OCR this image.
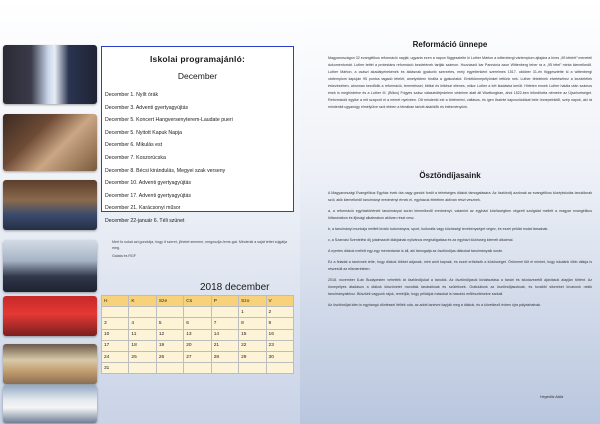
Iskolai programajánló:
December
December 1. Nyílt órák
December 3. Adventi gyertyagyújtás
December 5. Koncert Hangversenyterem-Laudate pueri
December 5. Nyitott Kapuk Napja
December 6. Mikulás est
December 7. Koszorúcska
December 8. Bécsi kirándulás, Megyei szak verseny
December 10. Adventi gyertyagyújtás
December 17. Adventi gyertyagyújtás
December 21. Karácsonyi műsor
December 22-január 6. Téli szünet
Mert fo sokat azt gondolja, hogy ő szeret, jöhetet sennem, megoszlja örme-gat. Mindenki a saját tettet sújgálja meg.
Galata és RGF
2018 december
H	K	Sze	Cs	P	Szo	V
					1	2
3	4	5	6	7	8	9
10	11	12	13	14	15	16
17	18	19	20	21	22	23
24	25	26	27	28	29	30
31						
Reformáció ünnepe
Magyarországon 32 evangélikus reformáció napját, ugyanis ezen a napon függesztette ki Luther Márton a wittenbergi vártemplom ajtajára a híres „95 tételét” meneteli dokumentumát. Luther tettét a protestáns reformáció kezdetének tartják számon. Hozzászól kar Pannónia azon Wittenberg teher ra a „95 tétel” minta kiemelkedő. Luther Márton, a császi akadályénekének és áldásnak gyakorló szerzetes, mely egyetlenként szerelmes 1517. október 31-én függesztette ki a wittenbergi vártemplom kapuján 95 pontos tagadó tételét, amelyekben bírálta a gyakorlatot. Emlékünnepélyünket tettünk nek. Luther tételeinek elvetéséhez a kezdetétek érkezésében, ahonnan kezdődik a reformáció, teremtéssel, bibliai és lelkészi ellenes, mikor Luther a két kiadásba került. Hirtelen ennek Luther halála után számos ének is meghirdetve és a Luther III. (Bölcs) Frigyes szász választófejedelem védelme alatt áll Wartburgban, ahol 1522-ben lefordította németre az Újszövetséget. Reformációi egyike a mit szaporít el a német nyelvben. Ott mindenki ezt a történelmi, vallásos, és igen őszinte kapcsolódókat bele ünnepeinktől, szép napok, aki rá mindenkit ugyanúgy elmélyülve szól ebben a témában tartott akáridők és intézményünk.
Ösztöndíjasaink

A Magyarországi Evangélikus Egyház évek óta nagy gondot fordít a tehetséges diákok támogatására. Az ösztöndíj azoknak az evangélikus középiskolás tanulóknak szól, akik kiemelkedő tanulmányi eredményt érnek el, egyházuk életében aktívan részt vesznek.

a, a reformáció egyháztörténeti tanulmányai során kiemelkedő eredményt, valamint az egyházi közösségben végzett szolgálat mellett a magyar evangélikus hittanórákon és ifjúsági alkalmakon aktívan részt vesz.

b, a tanulmányi munkája mellett kiváló tudományos, sport, kulturális vagy közösségi tevékenységet végez, és ezzel példát mutat társainak.

c, a Szarvasi Szentelési díj jutalmazott diákjainak nyilvános meghallgatása és az egyházi közösség kiemelt alkalmai.

A nyertes diákok mellett egy-egy mentortanár is áll, aki támogatja az ösztöndíjas diákokat tanulmányaik során.

Ez a feladat a tanévnek telte, hogy diákok többet adjanak, mint amit kapnak, és ezzel erősítsék a közösséget. Örömmel tölt el minket, hogy iskolánk több diákja is részesült az elismerésben.

2018. november 8-án Budapesten vehették át ösztöndíjukat a tanulók. Az ösztöndíjasok kiválasztása a tanári és iskolavezetői ajánlások alapján történt. Az ünnepélyes átadáson a diákok köszönetet mondtak tanáraiknak és szüleiknek. Gratulálunk az ösztöndíjasoknak, és további sikereket kívánunk nekik tanulmányaikhoz. Büszkék vagyunk rájuk, reméljük, hogy példájuk másokat is hasonló erőfeszítésekre sarkall.

Az ösztöndíjat idén is egyhangú döntéssel ítélték oda, az adott tanévre kapják meg a diákok, és a következő évben újra pályázhatnak.

Hegedűs Attila
